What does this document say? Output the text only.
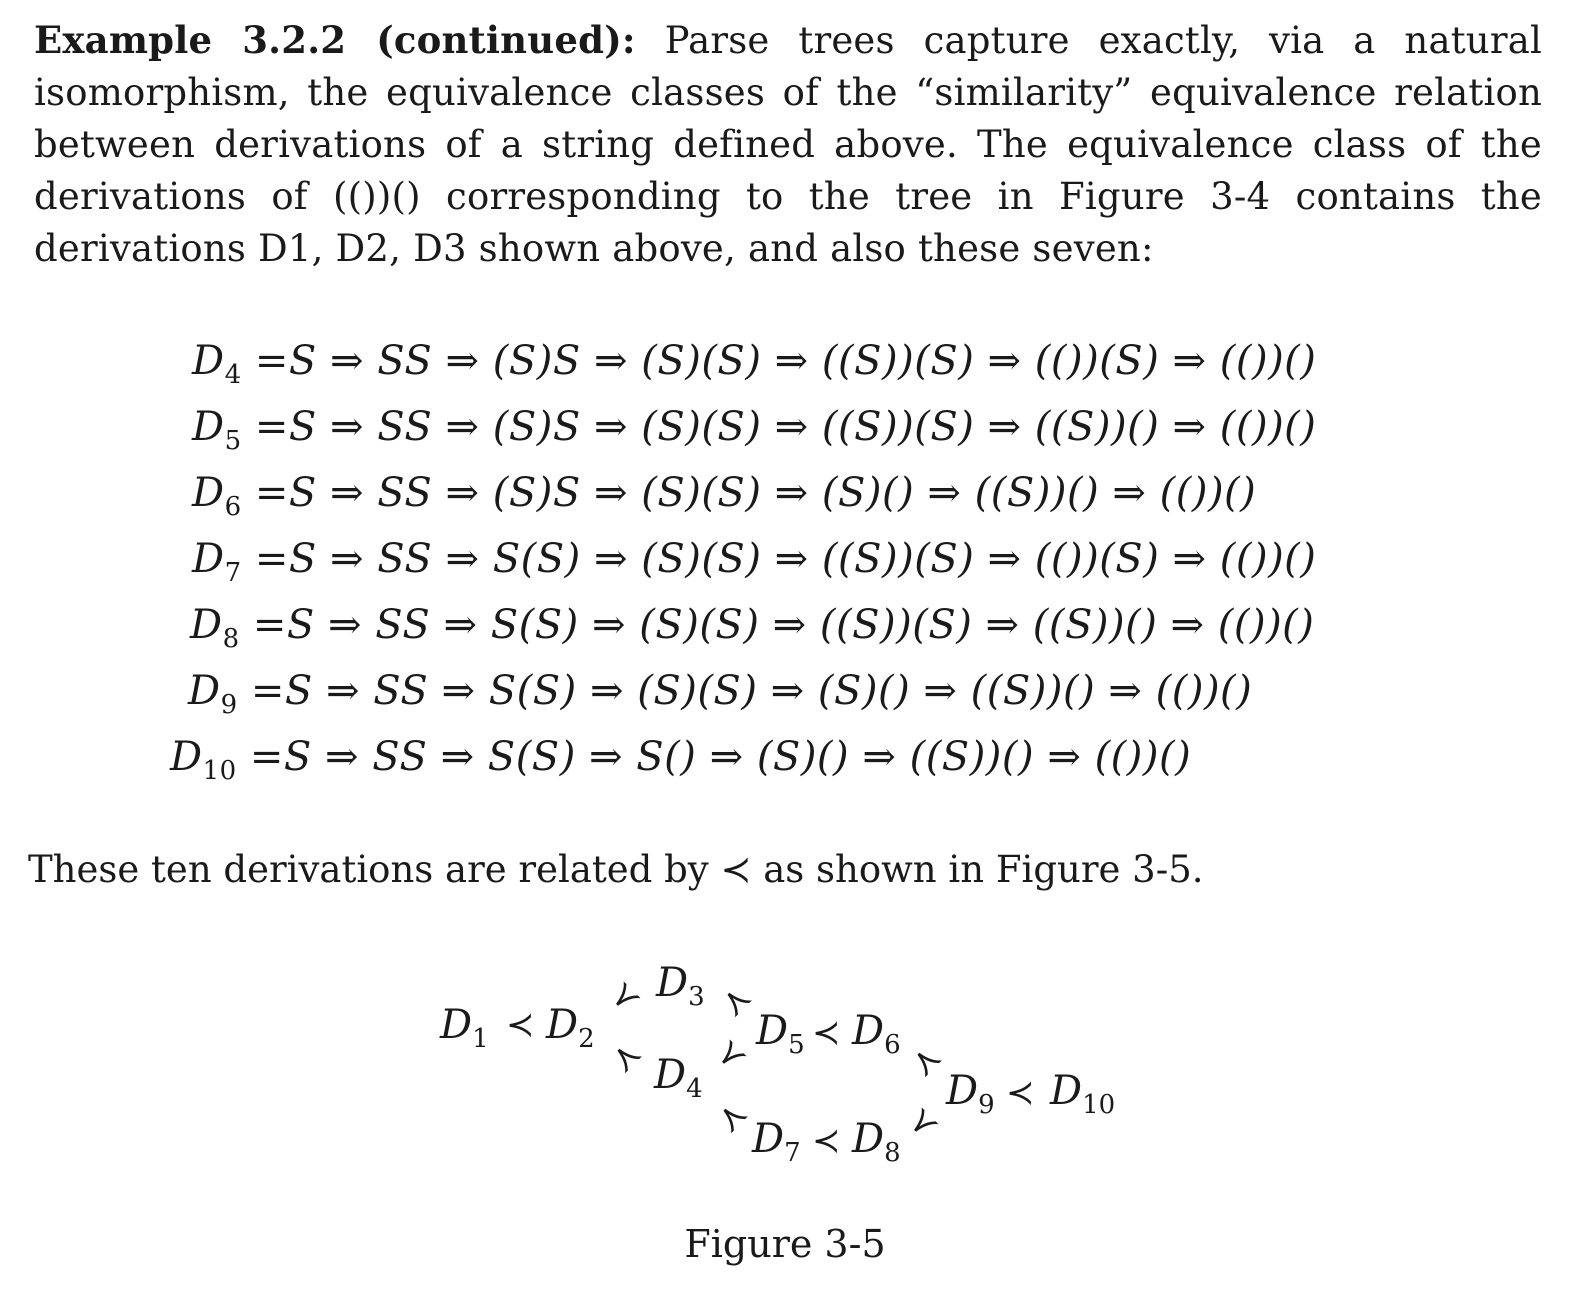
Example 3.2.2 (continued): Parse trees capture exactly, via a natural isomorphism, the equivalence classes of the “similarity” equivalence relation between derivations of a string defined above. The equivalence class of the derivations of (())() corresponding to the tree in Figure 3-4 contains the derivations D1, D2, D3 shown above, and also these seven:
$D_4 =S$ ⇒ SS ⇒ (S)S ⇒ (S)(S) ⇒ ((S))(S) ⇒ (())(S) ⇒ (())()
$D_5 =S$ ⇒ SS ⇒ (S)S ⇒ (S)(S) ⇒ ((S))(S) ⇒ ((S))() ⇒ (())()
$D_6 =S$ ⇒ SS ⇒ (S)S ⇒ (S)(S) ⇒ (S)() ⇒ ((S))() ⇒ (())()
$D_7 =S$ ⇒ SS ⇒ S(S) ⇒ (S)(S) ⇒ ((S))(S) ⇒ (())(S) ⇒ (())()
$D_8 =S$ ⇒ SS ⇒ S(S) ⇒ (S)(S) ⇒ ((S))(S) ⇒ ((S))() ⇒ (())()
$D_9 =S$ ⇒ SS ⇒ S(S) ⇒ (S)(S) ⇒ (S)() ⇒ ((S))() ⇒ (())()
$D_{10} =S$ ⇒ SS ⇒ S(S) ⇒ S() ⇒ (S)() ⇒ ((S))() ⇒ (())()
These ten derivations are related by ≺ as shown in Figure 3-5.
$D_1$ $D_2$
$D_3$
$D_4$
$D_5$ $D_6$
$D_7$ $D_8$
$D_9$ $D_{10}$
≺	≺
≺
≺
≺
≺
≺
≺
≺
≺
≺
Figure 3-5
